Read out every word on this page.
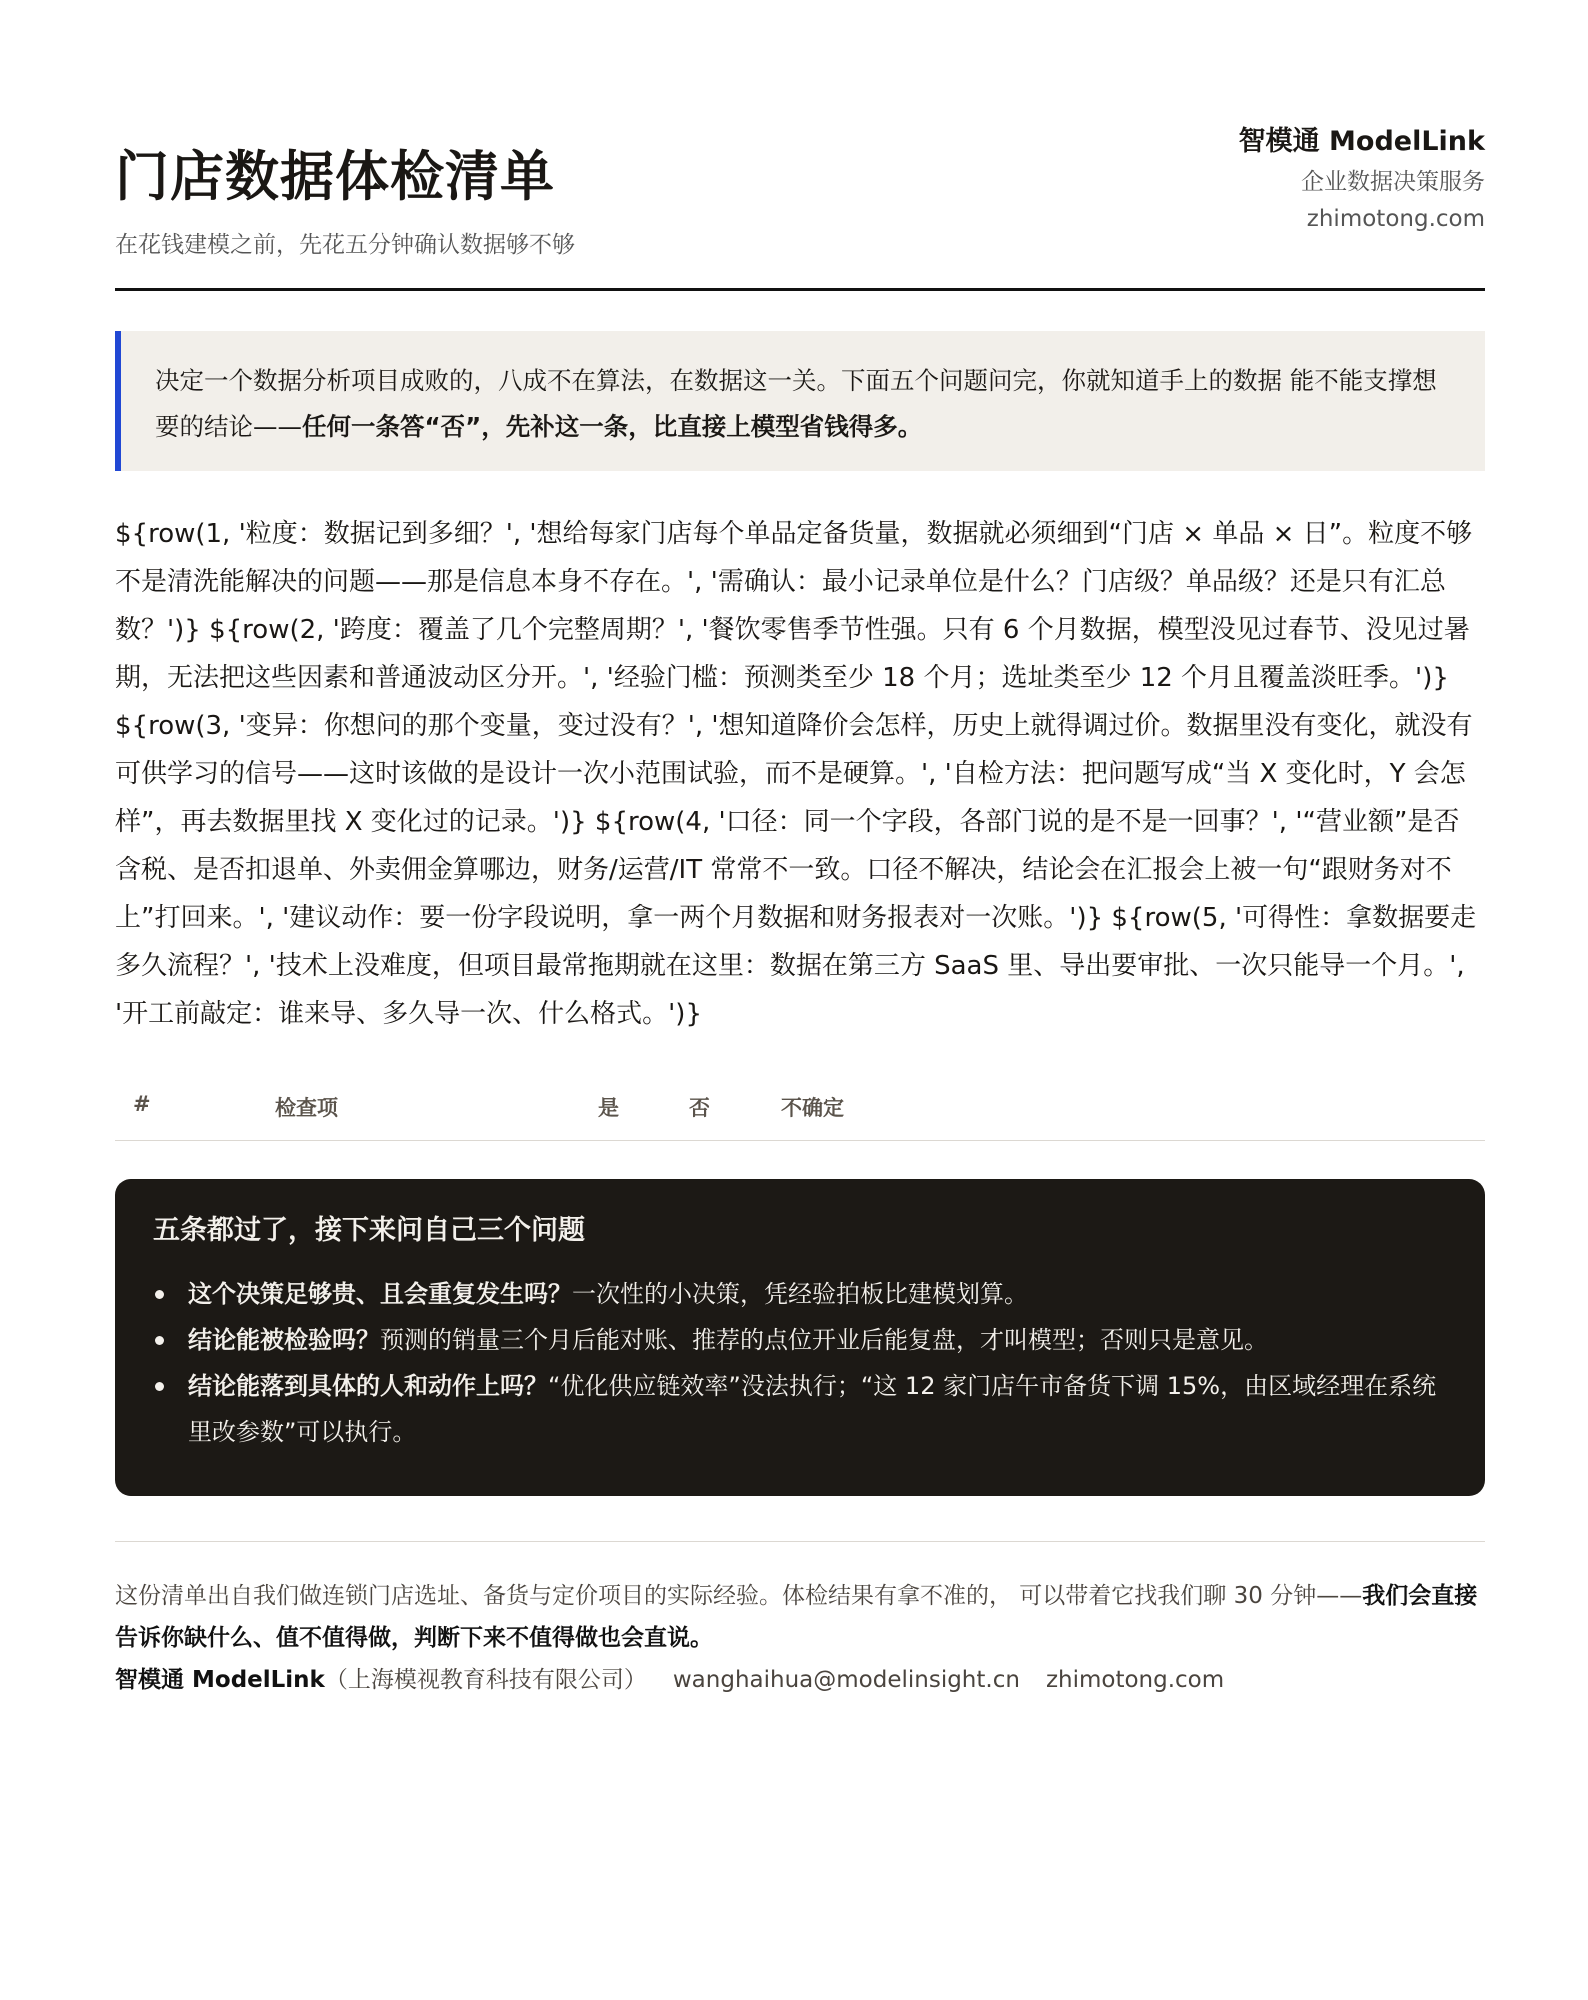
门店数据体检清单
在花钱建模之前，先花五分钟确认数据够不够
智模通 ModelLink
企业数据决策服务
zhimotong.com
决定一个数据分析项目成败的，八成不在算法，在数据这一关。下面五个问题问完，你就知道手上的数据 能不能支撑想要的结论——任何一条答“否”，先补这一条，比直接上模型省钱得多。
${row(1, '粒度：数据记到多细？', '想给每家门店每个单品定备货量，数据就必须细到“门店 × 单品 × 日”。粒度不够不是清洗能解决的问题——那是信息本身不存在。', '需确认：最小记录单位是什么？门店级？单品级？还是只有汇总数？')} ${row(2, '跨度：覆盖了几个完整周期？', '餐饮零售季节性强。只有 6 个月数据，模型没见过春节、没见过暑期，无法把这些因素和普通波动区分开。', '经验门槛：预测类至少 18 个月；选址类至少 12 个月且覆盖淡旺季。')} ${row(3, '变异：你想问的那个变量，变过没有？', '想知道降价会怎样，历史上就得调过价。数据里没有变化，就没有可供学习的信号——这时该做的是设计一次小范围试验，而不是硬算。', '自检方法：把问题写成“当 X 变化时，Y 会怎样”，再去数据里找 X 变化过的记录。')} ${row(4, '口径：同一个字段，各部门说的是不是一回事？', '“营业额”是否含税、是否扣退单、外卖佣金算哪边，财务/运营/IT 常常不一致。口径不解决，结论会在汇报会上被一句“跟财务对不上”打回来。', '建议动作：要一份字段说明，拿一两个月数据和财务报表对一次账。')} ${row(5, '可得性：拿数据要走多久流程？', '技术上没难度，但项目最常拖期就在这里：数据在第三方 SaaS 里、导出要审批、一次只能导一个月。', '开工前敲定：谁来导、多久导一次、什么格式。')}
#	检查项	是	否	不确定
五条都过了，接下来问自己三个问题
这个决策足够贵、且会重复发生吗？一次性的小决策，凭经验拍板比建模划算。
结论能被检验吗？预测的销量三个月后能对账、推荐的点位开业后能复盘，才叫模型；否则只是意见。
结论能落到具体的人和动作上吗？“优化供应链效率”没法执行；“这 12 家门店午市备货下调 15%，由区域经理在系统里改参数”可以执行。
这份清单出自我们做连锁门店选址、备货与定价项目的实际经验。体检结果有拿不准的， 可以带着它找我们聊 30 分钟——我们会直接告诉你缺什么、值不值得做，判断下来不值得做也会直说。
智模通 ModelLink（上海模视教育科技有限公司） wanghaihua@modelinsight.cn zhimotong.com
